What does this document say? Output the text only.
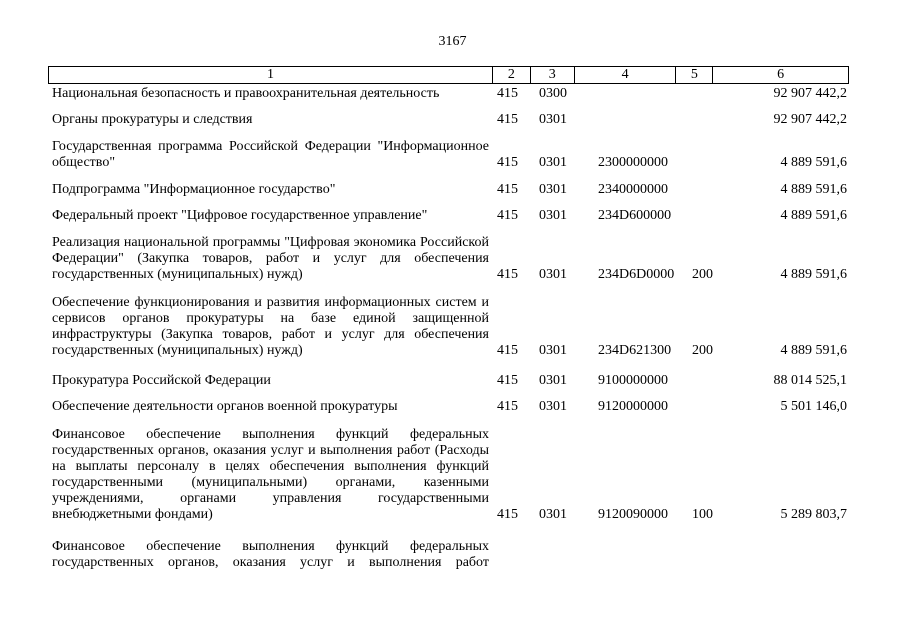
3167
1	2	3	4	5	6
Национальная безопасность и правоохранительная деятельность	415 0300	92 907 442,2
Органы прокуратуры и следствия	415 0301	92 907 442,2
Государственная программа Российской Федерации "Информационное общество"	415 0301 2300000000	4 889 591,6
Подпрограмма "Информационное государство"	415 0301 2340000000	4 889 591,6
Федеральный проект "Цифровое государственное управление"	415 0301 234D600000	4 889 591,6
Реализация национальной программы "Цифровая экономика Российской Федерации" (Закупка товаров, работ и услуг для обеспечения государственных (муниципальных) нужд)	415 0301 234D6D0000 200	4 889 591,6
Обеспечение функционирования и развития информационных систем и сервисов органов прокуратуры на базе единой защищенной инфраструктуры (Закупка товаров, работ и услуг для обеспечения государственных (муниципальных) нужд)	415 0301 234D621300 200	4 889 591,6
Прокуратура Российской Федерации	415 0301 9100000000	88 014 525,1
Обеспечение деятельности органов военной прокуратуры	415 0301 9120000000	5 501 146,0
Финансовое обеспечение выполнения функций федеральных государственных органов, оказания услуг и выполнения работ (Расходы на выплаты персоналу в целях обеспечения выполнения функций государственными (муниципальными) органами, казенными учреждениями, органами управления государственными внебюджетными фондами)	415 0301 9120090000 100	5 289 803,7
Финансовое обеспечение выполнения функций федеральных государственных органов, оказания услуг и выполнения работ
